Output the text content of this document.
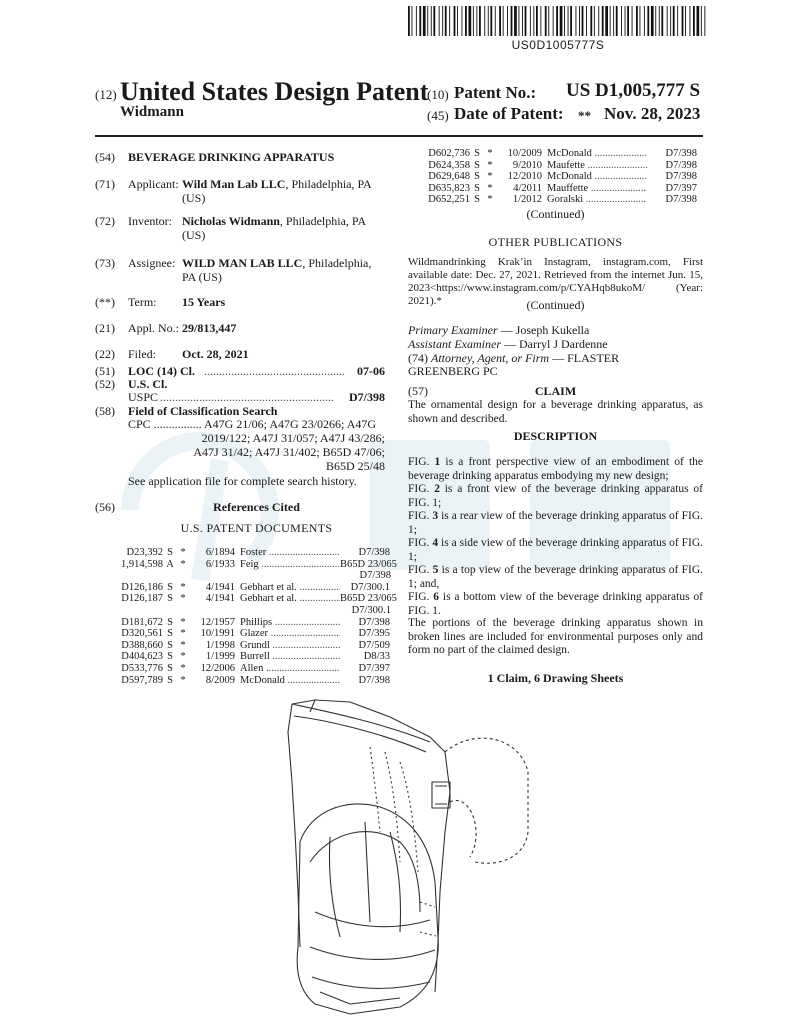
US0D1005777S
(12) United States Design Patent
Widmann
(10) Patent No.: US D1,005,777 S
(45) Date of Patent: ** Nov. 28, 2023
(54)	BEVERAGE DRINKING APPARATUS
(71)	Applicant: Wild Man Lab LLC, Philadelphia, PA
(US)
(72)	Inventor: Nicholas Widmann, Philadelphia, PA
(US)
(73)	Assignee: WILD MAN LAB LLC, Philadelphia,
PA (US)
(**)	Term: 15 Years
(21)	Appl. No.: 29/813,447
(22)	Filed: Oct. 28, 2021
(51)	LOC (14) Cl. ...............................................	07-06
(52)	U.S. Cl.
USPC ..........................................................	D7/398
(58)	Field of Classification Search
CPC ................ A47G 21/06; A47G 23/0266; A47G
2019/122; A47J 31/057; A47J 43/286;
A47J 31/42; A47J 31/402; B65D 47/06;
B65D 25/48
See application file for complete search history.
(56)	References Cited
U.S. PATENT DOCUMENTS
D23,392 S *	6/1894 Foster .....	D7/398
1,914,598 A *	6/1933 Feig .....	B65D 23/065
D7/398
D126,186 S *	4/1941 Gebhart et al. .....	D7/300.1
D126,187 S *	4/1941 Gebhart et al. .....	B65D 23/065
D7/300.1
D181,672 S *	12/1957 Phillips .....	D7/398
D320,561 S *	10/1991 Glazer .....	D7/395
D388,660 S *	1/1998 Grundl .....	D7/509
D404,623 S *	1/1999 Burrell .....	D8/33
D533,776 S *	12/2006 Allen .....	D7/397
D597,789 S *	8/2009 McDonald .....	D7/398
D602,736 S *	10/2009 McDonald .....	D7/398
D624,358 S *	9/2010 Maufette .....	D7/398
D629,648 S *	12/2010 McDonald .....	D7/398
D635,823 S *	4/2011 Mauffette .....	D7/397
D652,251 S *	1/2012 Goralski .....	D7/398
(Continued)
OTHER PUBLICATIONS
Wildmandrinking Krak’in Instagram, instagram.com, First available date: Dec. 27, 2021. Retrieved from the internet Jun. 15, 2023<https://www.instagram.com/p/CYAHqb8ukoM/ (Year: 2021).*	(Continued)
Primary Examiner — Joseph Kukella
Assistant Examiner — Darryl J Dardenne
(74) Attorney, Agent, or Firm — FLASTER
GREENBERG PC
(57)	CLAIM
The ornamental design for a beverage drinking apparatus, as shown and described.
DESCRIPTION
FIG. 1 is a front perspective view of an embodiment of the beverage drinking apparatus embodying my new design;
FIG. 2 is a front view of the beverage drinking apparatus of FIG. 1;
FIG. 3 is a rear view of the beverage drinking apparatus of FIG. 1;
FIG. 4 is a side view of the beverage drinking apparatus of FIG. 1;
FIG. 5 is a top view of the beverage drinking apparatus of FIG. 1; and,
FIG. 6 is a bottom view of the beverage drinking apparatus of FIG. 1.
The portions of the beverage drinking apparatus shown in broken lines are included for environmental purposes only and form no part of the claimed design.
1 Claim, 6 Drawing Sheets
